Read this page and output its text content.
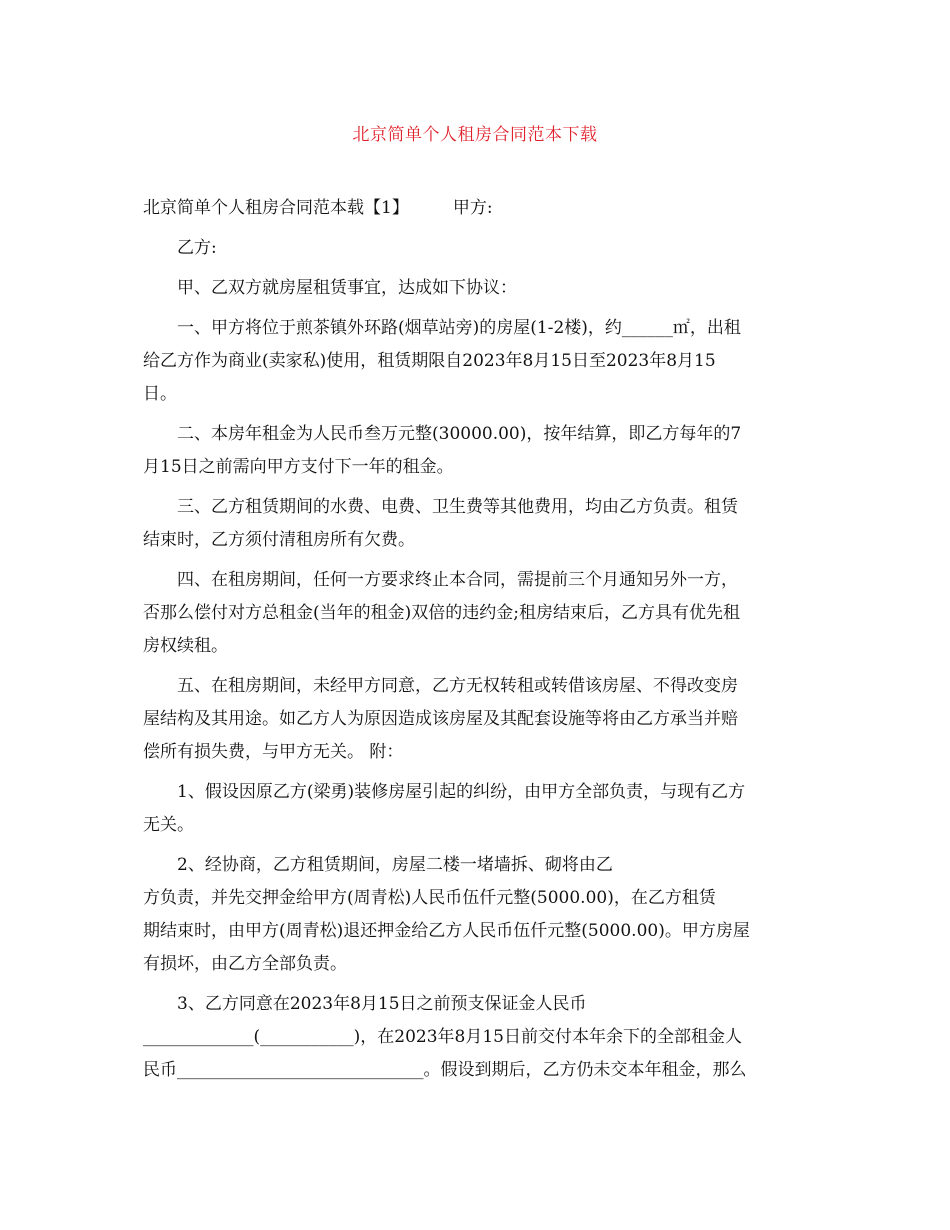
北京简单个人租房合同范本下载
北京简单个人租房合同范本载【1】	甲方:
乙方:
甲、乙双方就房屋租赁事宜，达成如下协议：
一、甲方将位于煎茶镇外环路(烟草站旁)的房屋(1-2楼)，约______㎡，出租
给乙方作为商业(卖家私)使用，租赁期限自2023年8月15日至2023年8月15
日。
二、本房年租金为人民币叁万元整(30000.00)，按年结算，即乙方每年的7
月15日之前需向甲方支付下一年的租金。
三、乙方租赁期间的水费、电费、卫生费等其他费用，均由乙方负责。租赁
结束时，乙方须付清租房所有欠费。
四、在租房期间，任何一方要求终止本合同，需提前三个月通知另外一方，
否那么偿付对方总租金(当年的租金)双倍的违约金;租房结束后，乙方具有优先租
房权续租。
五、在租房期间，未经甲方同意，乙方无权转租或转借该房屋、不得改变房
屋结构及其用途。如乙方人为原因造成该房屋及其配套设施等将由乙方承当并赔
偿所有损失费，与甲方无关。 附：
1、假设因原乙方(梁勇)装修房屋引起的纠纷，由甲方全部负责，与现有乙方
无关。
2、经协商，乙方租赁期间，房屋二楼一堵墙拆、砌将由乙
方负责，并先交押金给甲方(周青松)人民币伍仟元整(5000.00)，在乙方租赁
期结束时，由甲方(周青松)退还押金给乙方人民币伍仟元整(5000.00)。甲方房屋
有损坏，由乙方全部负责。
3、乙方同意在2023年8月15日之前预支保证金人民币
_____________(___________)，在2023年8月15日前交付本年余下的全部租金人
民币_____________________________。假设到期后，乙方仍未交本年租金，那么
